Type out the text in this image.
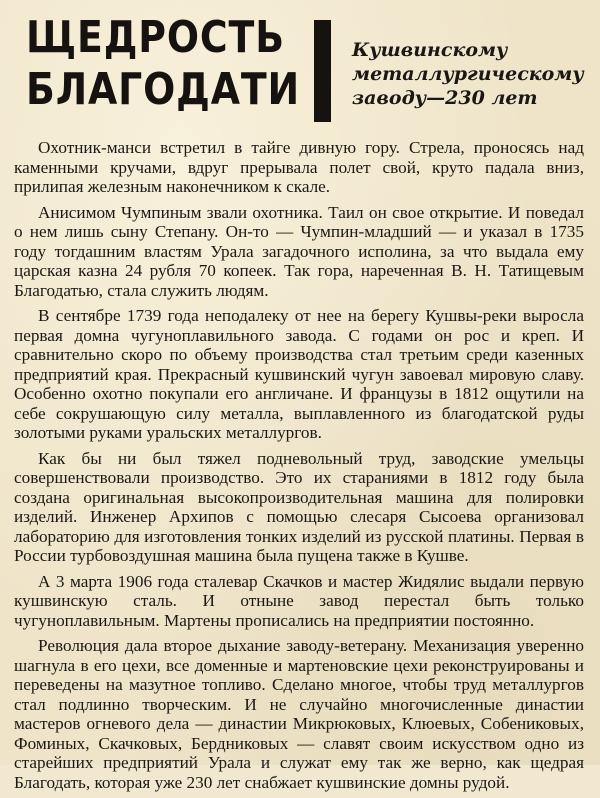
ЩЕДРОСТЬ
БЛАГОДАТИ
Кушвинскому
металлургическому
заводу—230 лет

Охотник-манси встретил в тайге дивную гору. Стрела, проносясь над каменными кручами, вдруг прерывала полет свой, круто падала вниз, прилипая железным наконечником к скале.

Анисимом Чумпиным звали охотника. Таил он свое открытие. И поведал о нем лишь сыну Степану. Он-то — Чумпин-младший — и указал в 1735 году тогдашним властям Урала загадочного исполина, за что выдала ему царская казна 24 рубля 70 копеек. Так гора, нареченная В. Н. Татищевым Благодатью, стала служить людям.

В сентябре 1739 года неподалеку от нее на берегу Кушвы-реки выросла первая домна чугуноплавильного завода. С годами он рос и креп. И сравнительно скоро по объему производства стал третьим среди казенных предприятий края. Прекрасный кушвинский чугун завоевал мировую славу. Особенно охотно покупали его англичане. И французы в 1812 ощутили на себе сокрушающую силу металла, выплавленного из благодатской руды золотыми руками уральских металлургов.

Как бы ни был тяжел подневольный труд, заводские умельцы совершенствовали производство. Это их стараниями в 1812 году была создана оригинальная высокопроизводительная машина для полировки изделий. Инженер Архипов с помощью слесаря Сысоева организовал лабораторию для изготовления тонких изделий из русской платины. Первая в России турбовоздушная машина была пущена также в Кушве.

А 3 марта 1906 года сталевар Скачков и мастер Жидялис выдали первую кушвинскую сталь. И отныне завод перестал быть только чугуноплавильным. Мартены прописались на предприятии постоянно.

Революция дала второе дыхание заводу-ветерану. Механизация уверенно шагнула в его цехи, все доменные и мартеновские цехи реконструированы и переведены на мазутное топливо. Сделано многое, чтобы труд металлургов стал подлинно творческим. И не случайно многочисленные династии мастеров огневого дела — династии Микрюковых, Клюевых, Собениковых, Фоминых, Скачковых, Бердниковых — славят своим искусством одно из старейших предприятий Урала и служат ему так же верно, как щедрая Благодать, которая уже 230 лет снабжает кушвинские домны рудой.
